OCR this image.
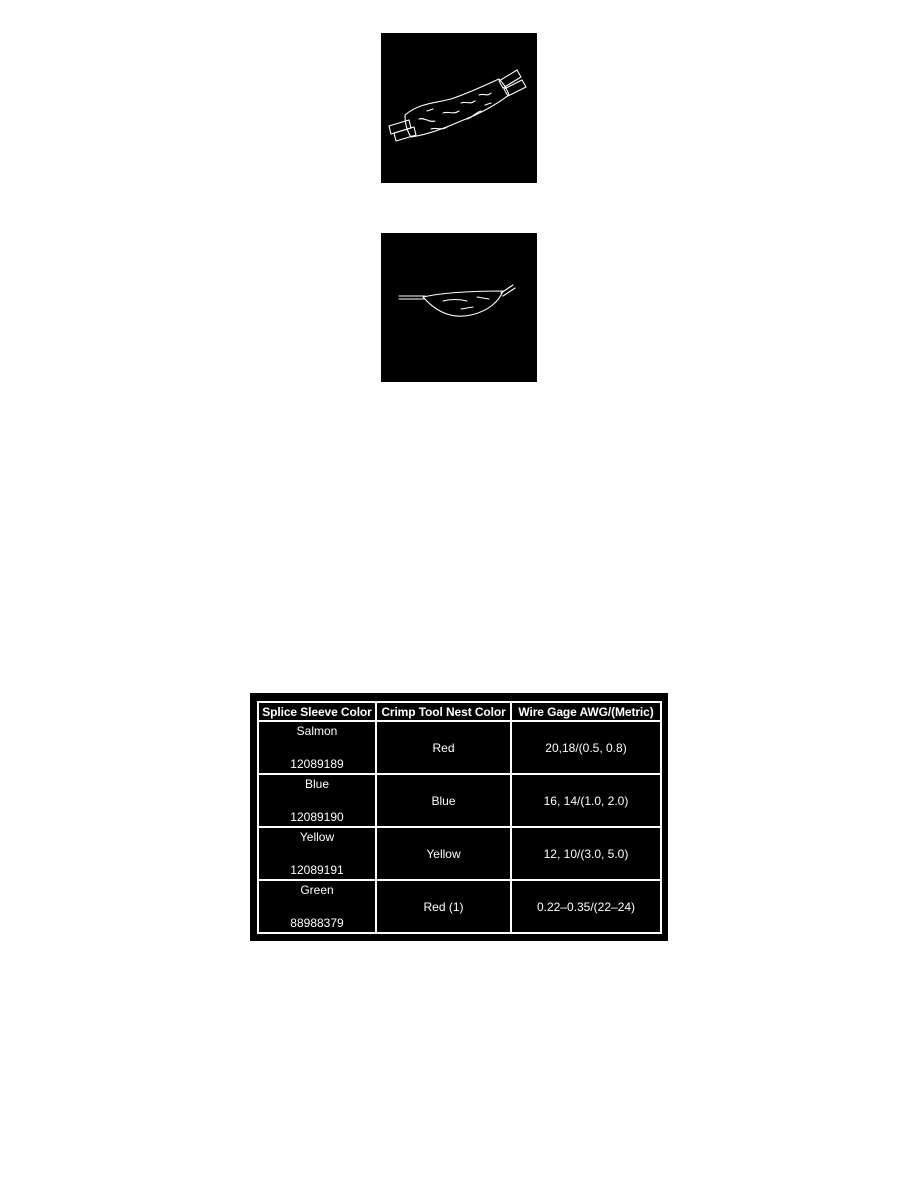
Splice Sleeve Color	Crimp Tool Nest Color	Wire Gage AWG/(Metric)

Salmon
12089189	Red	20,18/(0.5, 0.8)

Blue
12089190	Blue	16, 14/(1.0, 2.0)

Yellow
12089191	Yellow	12, 10/(3.0, 5.0)

Green
88988379	Red (1)	0.22–0.35/(22–24)
